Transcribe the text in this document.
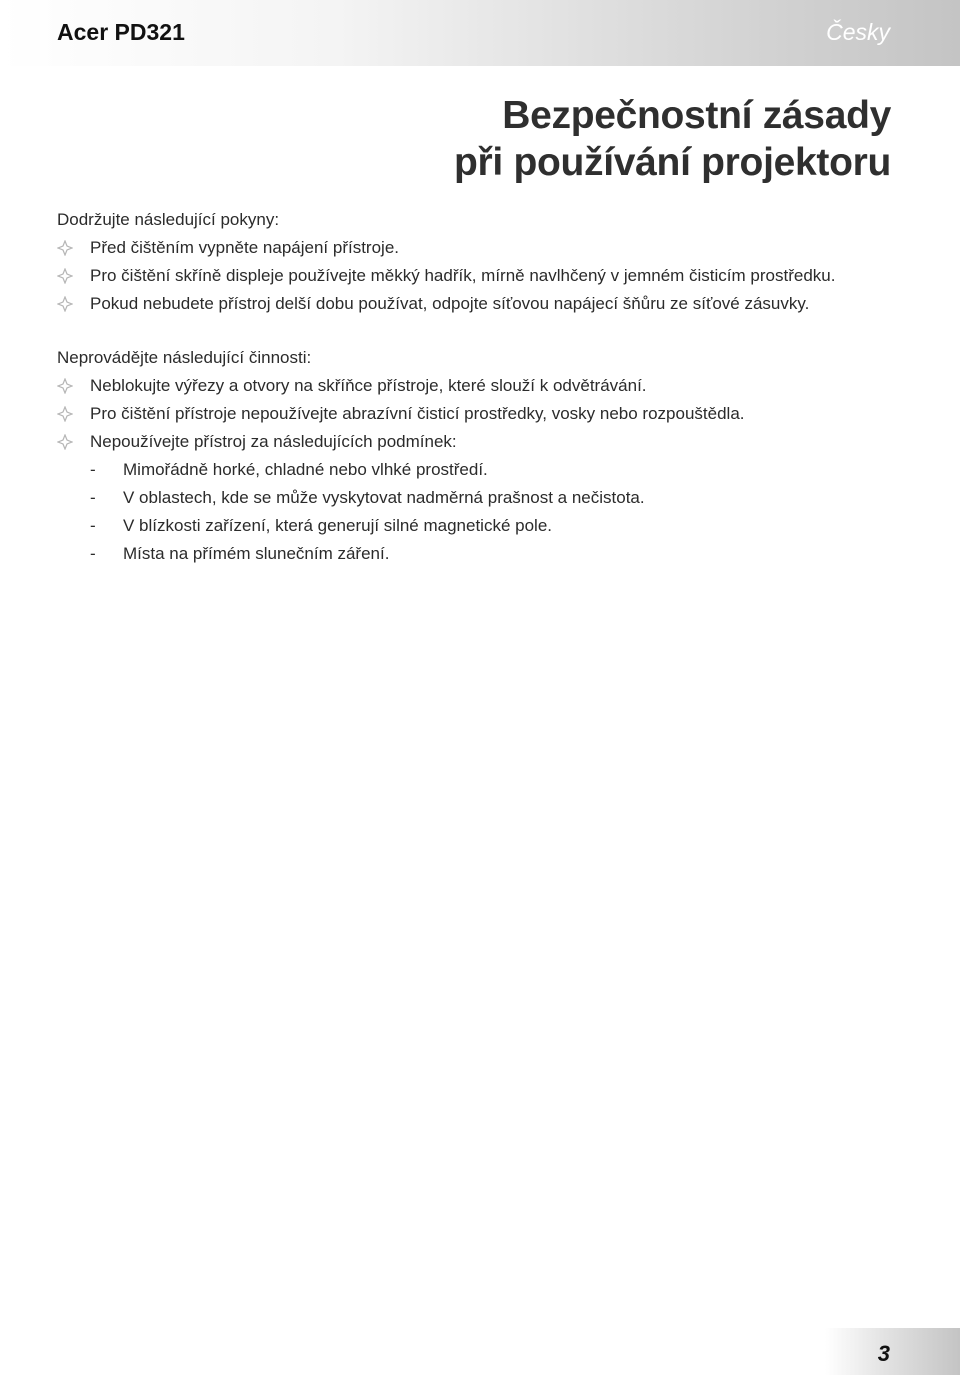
Acer PD321	Česky
Bezpečnostní zásady
při používání projektoru

Dodržujte následující pokyny:

Před čištěním vypněte napájení přístroje.
Pro čištění skříně displeje používejte měkký hadřík, mírně navlhčený v jemném čisticím prostředku.
Pokud nebudete přístroj delší dobu používat, odpojte síťovou napájecí šňůru ze síťové zásuvky.

Neprovádějte následující činnosti:

Neblokujte výřezy a otvory na skříňce přístroje, které slouží k odvětrávání.
Pro čištění přístroje nepoužívejte abrazívní čisticí prostředky, vosky nebo rozpouštědla.
Nepoužívejte přístroj za následujících podmínek:
-	Mimořádně horké, chladné nebo vlhké prostředí.
-	V oblastech, kde se může vyskytovat nadměrná prašnost a nečistota.
-	V blízkosti zařízení, která generují silné magnetické pole.
-	Místa na přímém slunečním záření.
3
